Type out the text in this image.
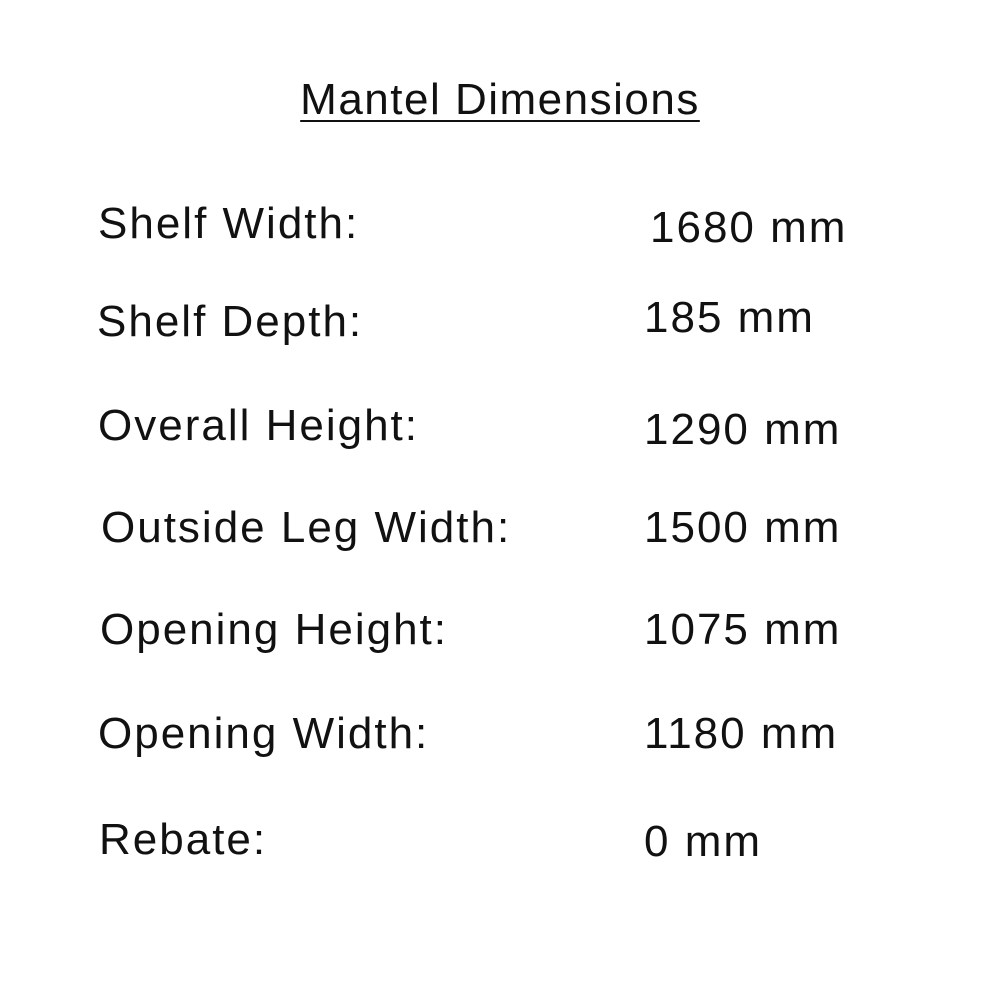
Mantel Dimensions
Shelf Width:	1680 mm
Shelf Depth:	185 mm
Overall Height:	1290 mm
Outside Leg Width:	1500 mm
Opening Height:	1075 mm
Opening Width:	1180 mm
Rebate:	0 mm
